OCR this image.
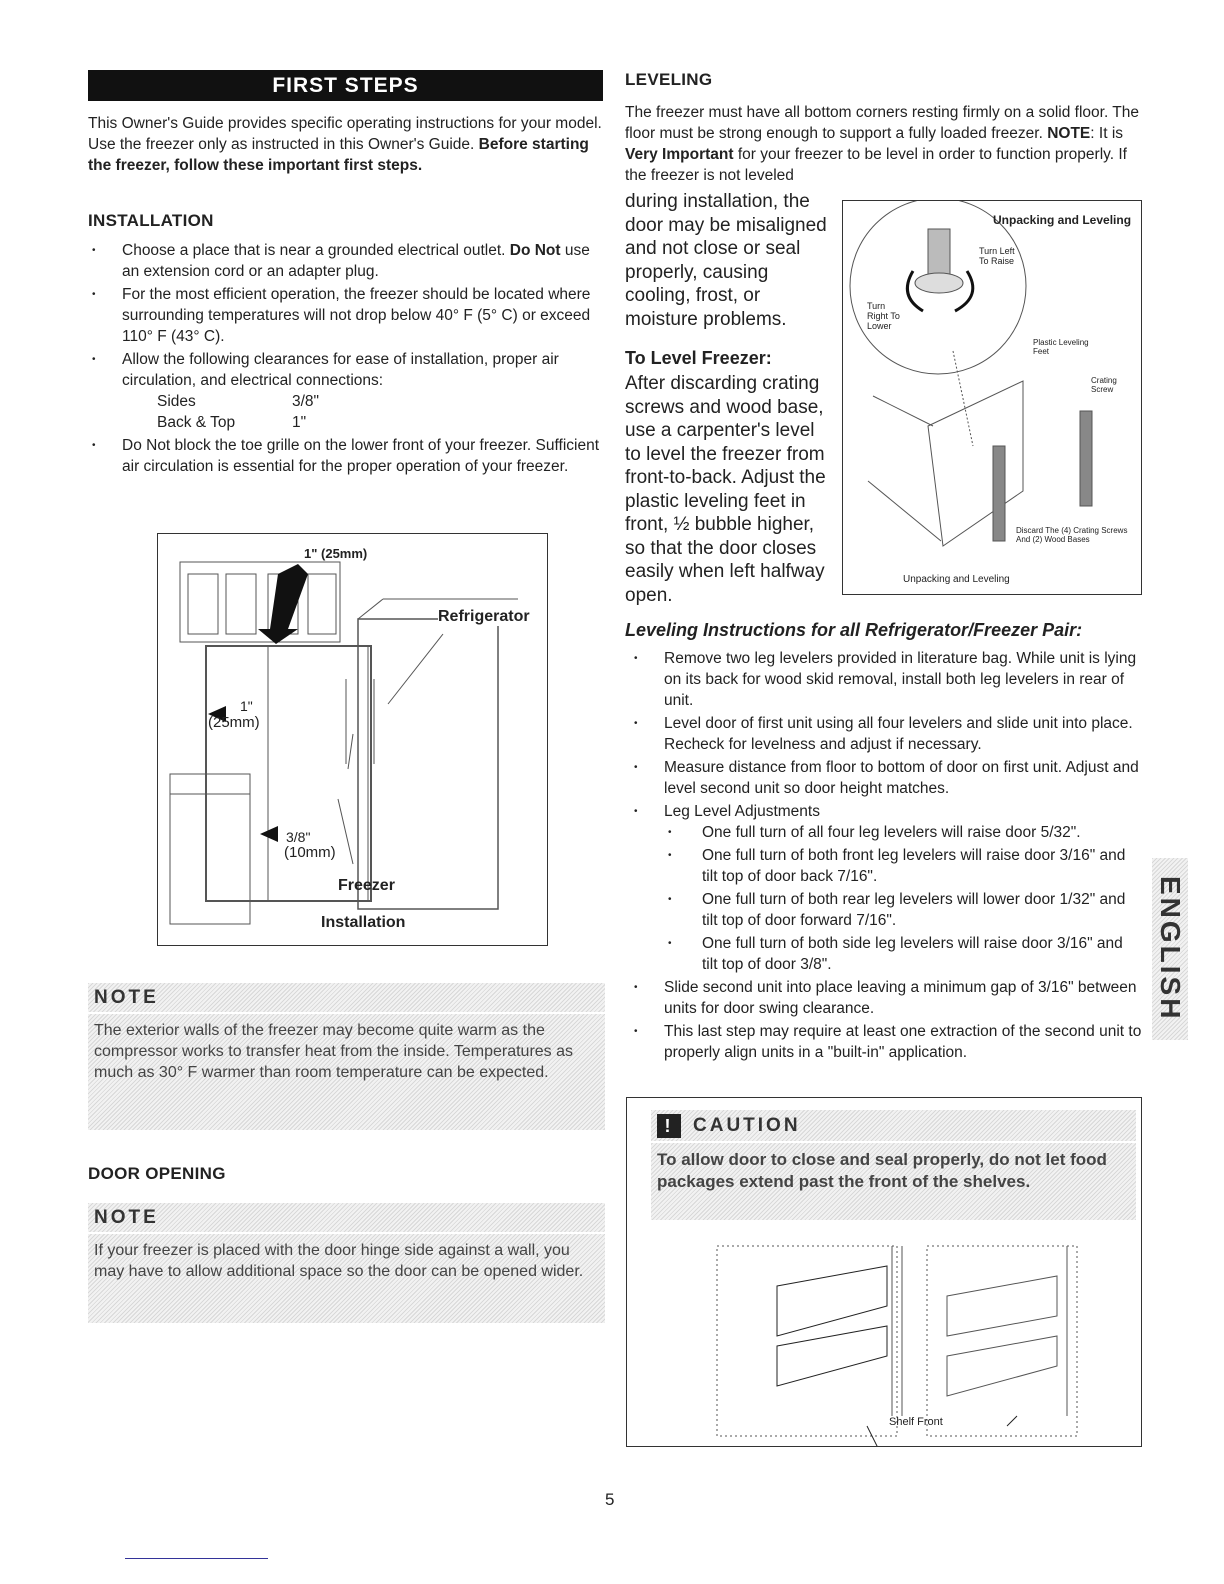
FIRST STEPS
This Owner's Guide provides specific operating instructions for your model. Use the freezer only as instructed in this Owner's Guide. Before starting the freezer, follow these important first steps.
INSTALLATION
• Choose a place that is near a grounded electrical outlet. Do Not use an extension cord or an adapter plug.
• For the most efficient operation, the freezer should be located where surrounding temperatures will not drop below 40° F (5° C) or exceed 110° F (43° C).
• Allow the following clearances for ease of installation, proper air circulation, and electrical connections:
Sides	3/8"
Back & Top	1"
• Do Not block the toe grille on the lower front of your freezer. Sufficient air circulation is essential for the proper operation of your freezer.
1" (25mm)
Refrigerator
1"
(25mm)
3/8"
(10mm)
Freezer
Installation
NOTE
The exterior walls of the freezer may become quite warm as the compressor works to transfer heat from the inside. Temperatures as much as 30° F warmer than room temperature can be expected.
DOOR OPENING
NOTE
If your freezer is placed with the door hinge side against a wall, you may have to allow additional space so the door can be opened wider.
LEVELING
The freezer must have all bottom corners resting firmly on a solid floor. The floor must be strong enough to support a fully loaded freezer. NOTE: It is Very Important for your freezer to be level in order to function properly. If the freezer is not leveled
during installation, the door may be misaligned and not close or seal properly, causing cooling, frost, or moisture problems.
To Level Freezer:
After discarding crating screws and wood base, use a carpenter's level to level the freezer from front-to-back. Adjust the plastic leveling feet in front, ½ bubble higher, so that the door closes easily when left halfway open.
Unpacking and Leveling
Turn Left To Raise
Turn Right To Lower
Plastic Leveling Feet
Crating Screw
Discard The (4) Crating Screws And (2) Wood Bases
Unpacking and Leveling
Leveling Instructions for all Refrigerator/Freezer Pair:
• Remove two leg levelers provided in literature bag. While unit is lying on its back for wood skid removal, install both leg levelers in rear of unit.
• Level door of first unit using all four levelers and slide unit into place. Recheck for levelness and adjust if necessary.
• Measure distance from floor to bottom of door on first unit. Adjust and level second unit so door height matches.
• Leg Level Adjustments
• One full turn of all four leg levelers will raise door 5/32".
• One full turn of both front leg levelers will raise door 3/16" and tilt top of door back 7/16".
• One full turn of both rear leg levelers will lower door 1/32" and tilt top of door forward 7/16".
• One full turn of both side leg levelers will raise door 3/16" and tilt top of door 3/8".
• Slide second unit into place leaving a minimum gap of 3/16" between units for door swing clearance.
• This last step may require at least one extraction of the second unit to properly align units in a "built-in" application.
!	CAUTION
To allow door to close and seal properly, do not let food packages extend past the front of the shelves.
Shelf Front
ENGLISH
5
